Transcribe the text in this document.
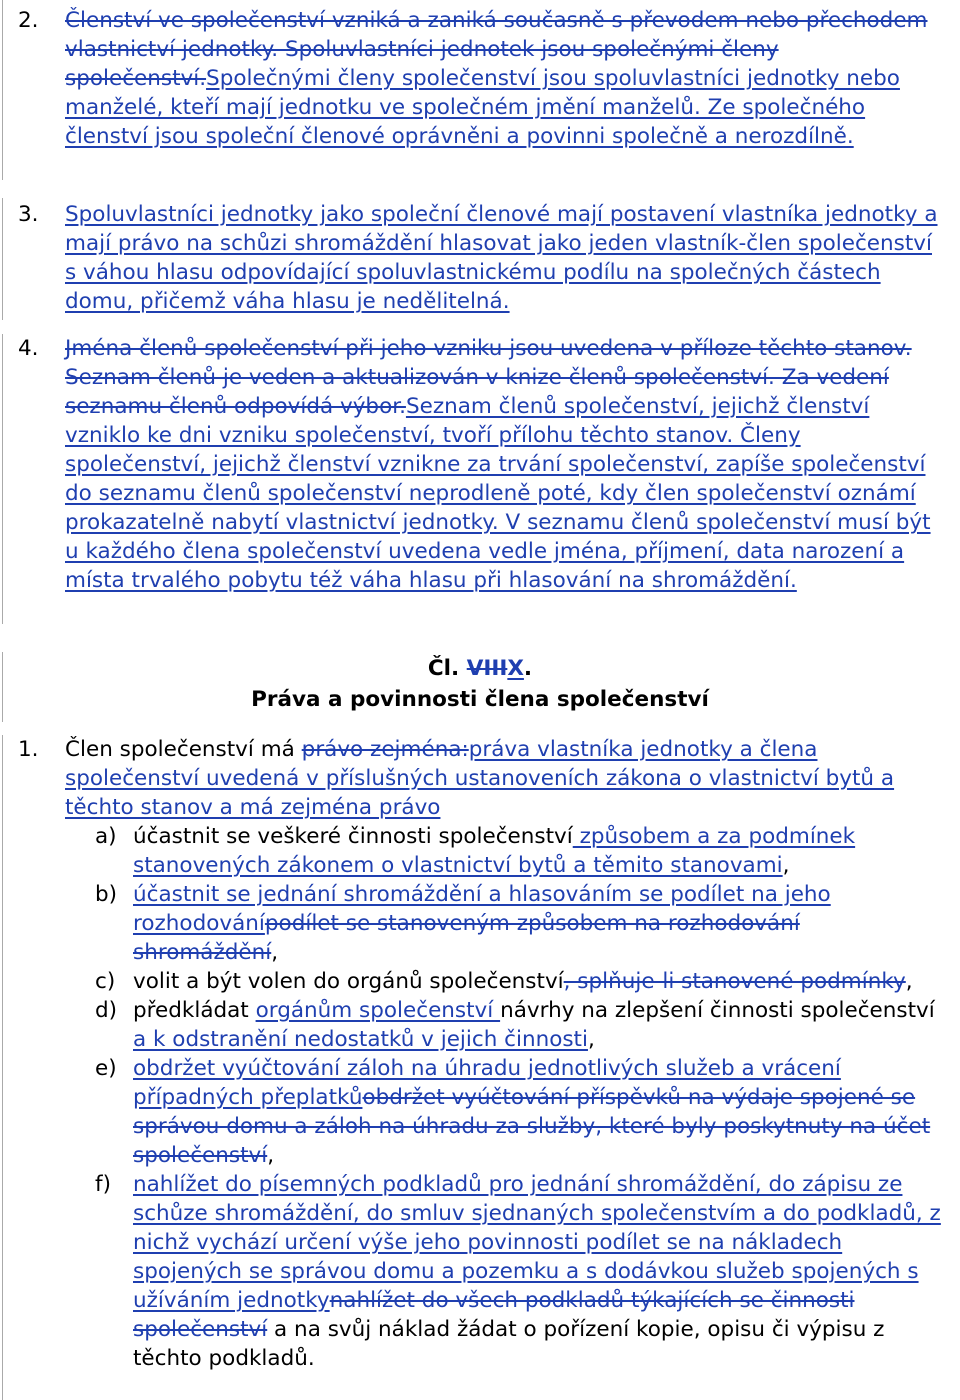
2. Členství ve společenství vzniká a zaniká současně s převodem nebo přechodem vlastnictví jednotky. Spoluvlastníci jednotek jsou společnými členy společenství.Společnými členy společenství jsou spoluvlastníci jednotky nebo manželé, kteří mají jednotku ve společném jmění manželů. Ze společného členství jsou společní členové oprávněni a povinni společně a nerozdílně.
3. Spoluvlastníci jednotky jako společní členové mají postavení vlastníka jednotky a mají právo na schůzi shromáždění hlasovat jako jeden vlastník-člen společenství s váhou hlasu odpovídající spoluvlastnickému podílu na společných částech domu, přičemž váha hlasu je nedělitelná.
4. Jména členů společenství při jeho vzniku jsou uvedena v příloze těchto stanov. Seznam členů je veden a aktualizován v knize členů společenství. Za vedení seznamu členů odpovídá výbor.Seznam členů společenství, jejichž členství vzniklo ke dni vzniku společenství, tvoří přílohu těchto stanov. Členy společenství, jejichž členství vznikne za trvání společenství, zapíše společenství do seznamu členů společenství neprodleně poté, kdy člen společenství oznámí prokazatelně nabytí vlastnictví jednotky. V seznamu členů společenství musí být u každého člena společenství uvedena vedle jména, příjmení, data narození a místa trvalého pobytu též váha hlasu při hlasování na shromáždění.
Čl. VIIIX.
Práva a povinnosti člena společenství
1. Člen společenství má právo zejména:práva vlastníka jednotky a člena společenství uvedená v příslušných ustanoveních zákona o vlastnictví bytů a těchto stanov a má zejména právo
a) účastnit se veškeré činnosti společenství způsobem a za podmínek stanovených zákonem o vlastnictví bytů a těmito stanovami,
b) účastnit se jednání shromáždění a hlasováním se podílet na jeho rozhodovánípodílet se stanoveným způsobem na rozhodování shromáždění,
c) volit a být volen do orgánů společenství, splňuje-li stanovené podmínky,
d) předkládat orgánům společenství návrhy na zlepšení činnosti společenství a k odstranění nedostatků v jejich činnosti,
e) obdržet vyúčtování záloh na úhradu jednotlivých služeb a vrácení případných přeplatkůobdržet vyúčtování příspěvků na výdaje spojené se správou domu a záloh na úhradu za služby, které byly poskytnuty na účet společenství,
f) nahlížet do písemných podkladů pro jednání shromáždění, do zápisu ze schůze shromáždění, do smluv sjednaných společenstvím a do podkladů, z nichž vychází určení výše jeho povinnosti podílet se na nákladech spojených se správou domu a pozemku a s dodávkou služeb spojených s užíváním jednotkynahlížet do všech podkladů týkajících se činnosti společenství a na svůj náklad žádat o pořízení kopie, opisu či výpisu z těchto podkladů.
